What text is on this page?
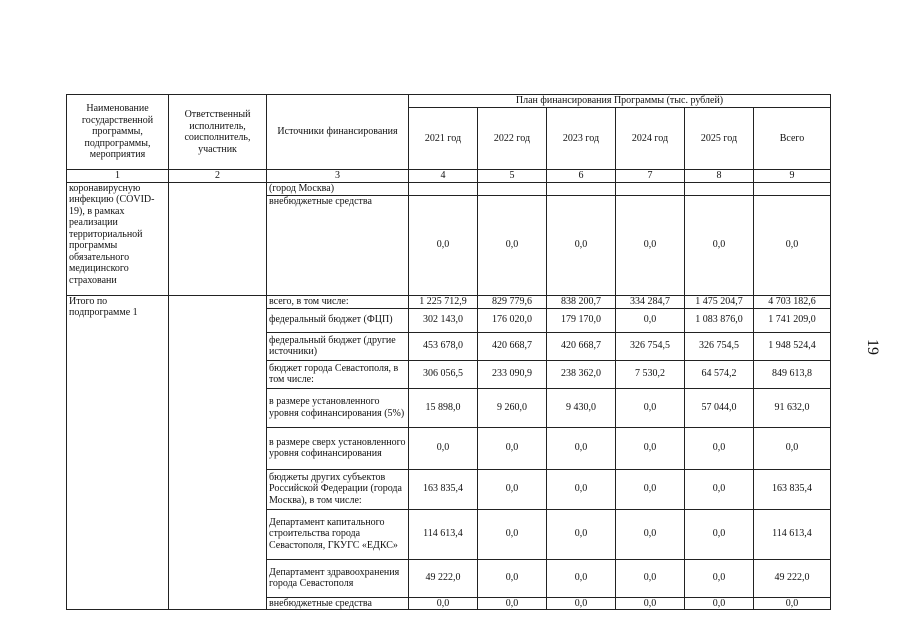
Наименование государственной программы, подпрограммы, мероприятия	Ответственный исполнитель, соисполнитель, участник	Источники финансирования	План финансирования Программы (тыс. рублей)					
			2021 год	2022 год	2023 год	2024 год	2025 год	Всего
1	2	3	4	5	6	7	8	9
коронавирусную инфекцию (COVID-19), в рамках реализации территориальной программы обязательного медицинского страховани		(город Москва)						
		внебюджетные средства	0,0	0,0	0,0	0,0	0,0	0,0
Итого по подпрограмме 1		всего, в том числе:	1 225 712,9	829 779,6	838 200,7	334 284,7	1 475 204,7	4 703 182,6
		федеральный бюджет (ФЦП)	302 143,0	176 020,0	179 170,0	0,0	1 083 876,0	1 741 209,0
		федеральный бюджет (другие источники)	453 678,0	420 668,7	420 668,7	326 754,5	326 754,5	1 948 524,4
		бюджет города Севастополя, в том числе:	306 056,5	233 090,9	238 362,0	7 530,2	64 574,2	849 613,8
		в размере установленного уровня софинансирования (5%)	15 898,0	9 260,0	9 430,0	0,0	57 044,0	91 632,0
		в размере сверх установленного уровня софинансирования	0,0	0,0	0,0	0,0	0,0	0,0
		бюджеты других субъектов Российской Федерации (города Москва), в том числе:	163 835,4	0,0	0,0	0,0	0,0	163 835,4
		Департамент капитального строительства города Севастополя, ГКУГС «ЕДКС»	114 613,4	0,0	0,0	0,0	0,0	114 613,4
		Департамент здравоохранения города Севастополя	49 222,0	0,0	0,0	0,0	0,0	49 222,0
		внебюджетные средства	0,0	0,0	0,0	0,0	0,0	0,0
19
